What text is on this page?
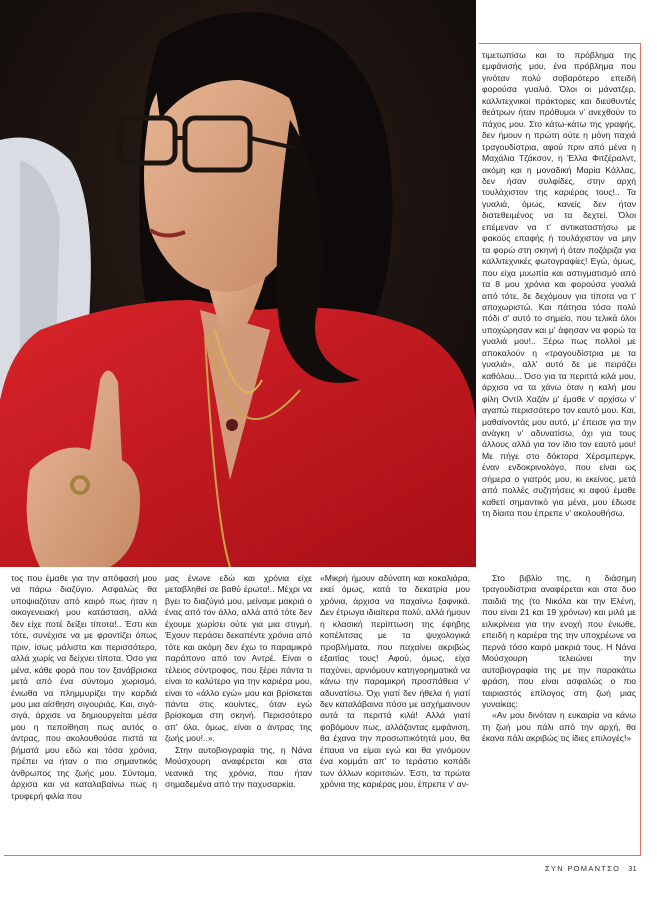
τιμετωπίσω και το πρόβλημα της εμφάνισής μου, ένα πρόβλημα που γινόταν πολύ σοβαρότερο επειδή φορούσα γυαλιά. Όλοι οι μάνατζερ, καλλιτεχνικοί πράκτορες και διευθυντές θεάτρων ήταν πρόθυμοι ν' ανεχθούν το πάχος μου. Στο κάτω-κάτω της γραφής, δεν ήμουν η πρώτη ούτε η μόνη παχιά τραγουδίστρια, αφού πριν από μένα η Μαχάλια Τζάκσον, η Έλλα Φιτζέραλντ, ακόμη και η μοναδική Μαρία Κάλλας, δεν ήσαν συλφίδες, στην αρχή τουλάχιστον της καριέρας τους!.. Τα γυαλιά, όμως, κανείς δεν ήταν διατεθειμένος να τα δεχτεί. Όλοι επέμεναν να τ' αντικαταστήσω με φακούς επαφής ή τουλάχιστον να μην τα φορώ στη σκηνή ή όταν ποζάριζα για καλλιτεχνικές φωτογραφίες! Εγώ, όμως, που είχα μυωπία και αστιγματισμό από τα 8 μου χρόνια και φορούσα γυαλιά από τότε, δε δεχόμουν για τίποτα να τ' αποχωριστώ. Και πάτησα τόσο πολύ πόδι σ' αυτό το σημείο, που τελικά όλοι υποχώρησαν και μ' άφησαν να φορώ τα γυαλιά μου!.. Ξέρω πως πολλοί με αποκαλούν η «τραγουδίστρια με τα γυαλιά», αλλ' αυτό δε με πειράζει καθόλου... Όσο για τα περιττά κιλά μου, άρχισα να τα χάνω όταν η καλή μου φίλη Οντίλ Χαζάν μ' έμαθε ν' αρχίσω ν' αγαπώ περισσότερο τον εαυτό μου. Και, μαθαίνοντάς μου αυτό, μ' έπεισε για την ανάγκη ν' αδυνατίσω, όχι για τους άλλους αλλά για τον ίδιο τον εαυτό μου! Με πήγε στο δόκτορα Χέρσμπεργκ, έναν ενδοκρινολόγο, που είναι ως σήμερα ο γιατρός μου, κι εκείνος, μετά από πολλές συζητήσεις κι αφού έμαθε καθετί σημαντικό για μένα, μου έδωσε τη δίαιτα που έπρεπε ν' ακολουθήσω.

τος που έμαθε για την απόφασή μου να πάρω διαζύγιο. Ασφαλώς θα υποψιαζόταν από καιρό πως ήταν η οικογενειακή μου κατάσταση, αλλά δεν είχε ποτέ δείξει τίποτα!.. Έστι και τότε, συνέχισε να με φροντίζει όπως πριν, ίσως μάλιστα και περισσότερο, αλλά χωρίς να δείχνει τίποτα. Όσο για μένα, κάθε φορά που τον ξανάβρισκα μετά από ένα σύντομο χωρισμό, ένιωθα να πλημμυρίζει την καρδιά μου μια αίσθηση σιγουριάς. Και, σιγά-σιγά, άρχισε να δημιουργείται μέσα μου η πεποίθηση πως αυτός ο άντρας, που ακολουθούσε πιστά τα βήματά μου εδώ και τόσα χρόνια, πρέπει να ήταν ο πιο σημαντικός άνθρωπος της ζωής μου. Σύντομα, άρχισα και να καταλαβαίνω πως η τρυφερή φιλία που

μας ένωνε εδώ και χρόνια είχε μεταβληθεί σε βαθύ έρωτα!.. Μέχρι να βγει το διαζύγιό μου, μείναμε μακριά ο ένας από τον άλλο, αλλά από τότε δεν έχουμε χωρίσει ούτε για μια στιγμή. Έχουν περάσει δεκαπέντε χρόνια από τότε και ακόμη δεν έχω το παραμικρό παράπονο από τον Αντρέ. Είναι ο τέλειος σύντροφος, που ξέρει πάντα τι είναι το καλύτερο για την καριέρα μου, είναι το «άλλο εγώ» μου και βρίσκεται πάντα στις κουίντες, όταν εγώ βρίσκομαι στη σκηνή. Περισσότερο απ' όλα, όμως, είναι ο άντρας της ζωής μου!..».

Στην αυτοβιογραφία της, η Νάνα Μούσχουρη αναφέρεται και στα νεανικά της χρόνια, που ήταν σημαδεμένα από την παχυσαρκία.

«Μικρή ήμουν αδύνατη και κοκαλιάρα, εκεί όμως, κατά τα δεκατρία μου χρόνια, άρχισα να παχαίνω ξαφνικά. Δεν έτρωγα ιδιαίτερα πολύ, αλλά ήμουν η κλασική περίπτωση της έφηβης κοπέλιτσας με τα ψυχολογικά προβλήματα, που παχαίνει ακριβώς εξαιτίας τους! Αφού, όμως, είχα παχύνει, αρνιόμουν κατηγορηματικά να κάνω την παραμικρή προσπάθεια ν' αδυνατίσω. Όχι γιατί δεν ήθελα ή γιατί δεν καταλάβαινα πόσο με ασχήμαινουν αυτά τα περιττά κιλά! Αλλά γιατί φοβόμουν πως, αλλάζοντας εμφάνιση, θα έχανα την προσωπικότητά μου, θα έπαυα να είμαι εγώ και θα γινόμουν ένα κομμάτι απ' το τεράστιο κοπάδι των άλλων κοριτσιών. Έστι, τα πρώτα χρόνια της καριέρας μου, έπρεπε ν' αν-

Στο βιβλίο της, η διάσημη τραγουδίστρια αναφέρεται και στα δυο παιδιά της (το Νικόλα και την Ελένη, που είναι 21 και 19 χρόνων) και μιλά με ειλικρίνεια για την ενοχή που ένιωθε, επειδή η καριέρα της την υποχρέωνε να περνά τόσο καιρό μακριά τους. Η Νάνα Μούσχουρη τελειώνει την αυτοβιογραφία της με την παρακάτω φράση, που είναι ασφαλώς ο πιο ταιριαστός επίλογος στη ζωή μιας γυναίκας:

«Αν μου δινόταν η ευκαιρία να κάνω τη ζωή μου πάλι από την αρχή, θα έκανα πάλι ακριβώς τις ίδιες επιλογές!»

ΣΥΝ ΡΟΜΑΝΤΣΟ 31
